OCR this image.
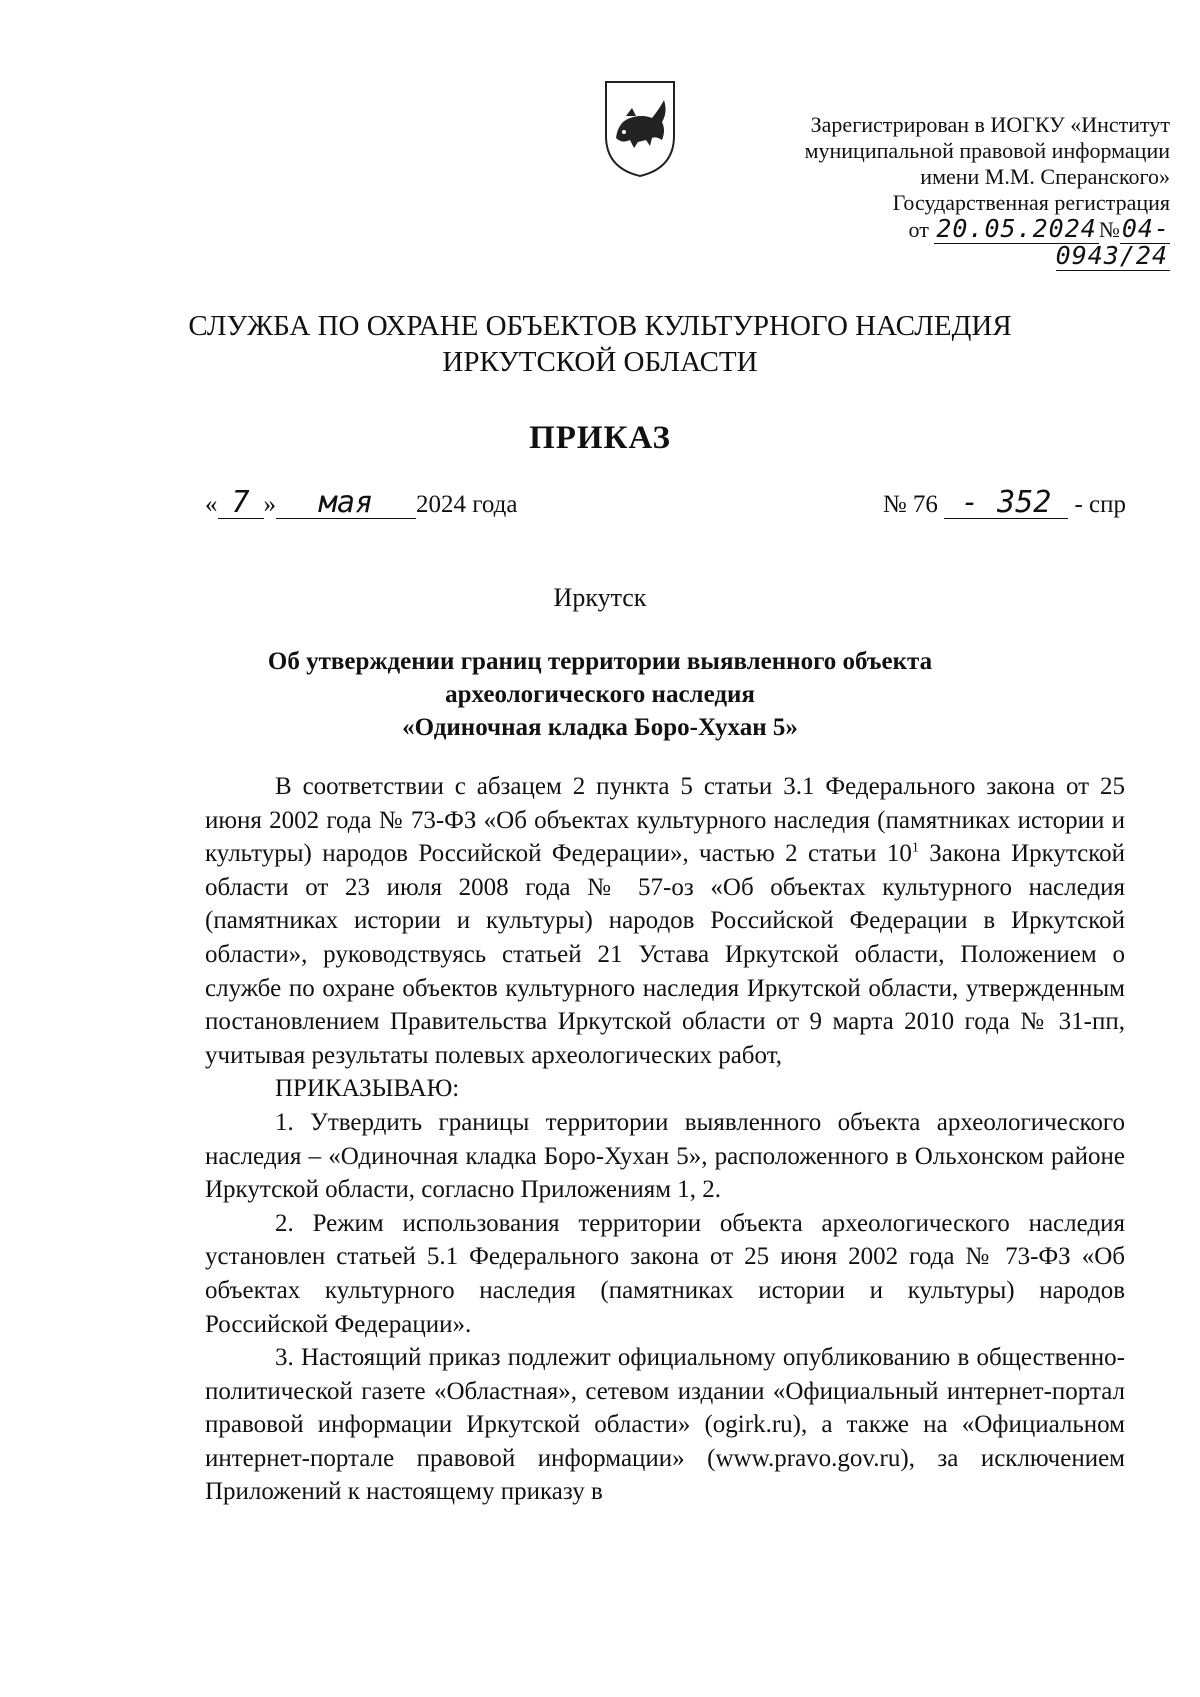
Зарегистрирован в ИОГКУ «Институт
муниципальной правовой информации
имени М.М. Сперанского»
Государственная регистрация
от 20.05.2024№04-0943/24
СЛУЖБА ПО ОХРАНЕ ОБЪЕКТОВ КУЛЬТУРНОГО НАСЛЕДИЯ
ИРКУТСКОЙ ОБЛАСТИ
ПРИКАЗ
« 7 » мая 2024 года	№ 76 - 352 - спр
Иркутск
Об утверждении границ территории выявленного объекта
археологического наследия
«Одиночная кладка Боро-Хухан 5»

В соответствии с абзацем 2 пункта 5 статьи 3.1 Федерального закона от 25 июня 2002 года № 73-ФЗ «Об объектах культурного наследия (памятниках истории и культуры) народов Российской Федерации», частью 2 статьи $10^1$ Закона Иркутской области от 23 июля 2008 года № 57-оз «Об объектах культурного наследия (памятниках истории и культуры) народов Российской Федерации в Иркутской области», руководствуясь статьей 21 Устава Иркутской области, Положением о службе по охране объектов культурного наследия Иркутской области, утвержденным постановлением Правительства Иркутской области от 9 марта 2010 года № 31-пп, учитывая результаты полевых археологических работ,

ПРИКАЗЫВАЮ:

1. Утвердить границы территории выявленного объекта археологического наследия – «Одиночная кладка Боро-Хухан 5», расположенного в Ольхонском районе Иркутской области, согласно Приложениям 1, 2.

2. Режим использования территории объекта археологического наследия установлен статьей 5.1 Федерального закона от 25 июня 2002 года № 73-ФЗ «Об объектах культурного наследия (памятниках истории и культуры) народов Российской Федерации».

3. Настоящий приказ подлежит официальному опубликованию в общественно-политической газете «Областная», сетевом издании «Официальный интернет-портал правовой информации Иркутской области» (ogirk.ru), а также на «Официальном интернет-портале правовой информации» (www.pravo.gov.ru), за исключением Приложений к настоящему приказу в
